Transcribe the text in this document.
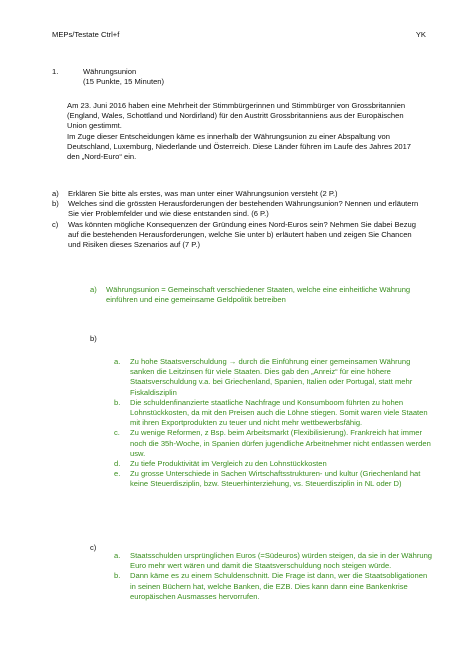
MEPs/Testate Ctrl+f	YK
1.	Währungsunion
(15 Punkte, 15 Minuten)

Am 23. Juni 2016 haben eine Mehrheit der Stimmbürgerinnen und Stimmbürger von Grossbritannien (England, Wales, Schottland und Nordirland) für den Austritt Grossbritanniens aus der Europäischen Union gestimmt.

Im Zuge dieser Entscheidungen käme es innerhalb der Währungsunion zu einer Abspaltung von Deutschland, Luxemburg, Niederlande und Österreich. Diese Länder führen im Laufe des Jahres 2017 den „Nord-Euro“ ein.

a)	Erklären Sie bitte als erstes, was man unter einer Währungsunion versteht (2 P.)
b)	Welches sind die grössten Herausforderungen der bestehenden Währungsunion? Nennen und erläutern Sie vier Problemfelder und wie diese entstanden sind. (6 P.)
c)	Was könnten mögliche Konsequenzen der Gründung eines Nord-Euros sein? Nehmen Sie dabei Bezug auf die bestehenden Herausforderungen, welche Sie unter b) erläutert haben und zeigen Sie Chancen und Risiken dieses Szenarios auf (7 P.)
a)	Währungsunion = Gemeinschaft verschiedener Staaten, welche eine einheitliche Währung einführen und eine gemeinsame Geldpolitik betreiben
b)
a.	Zu hohe Staatsverschuldung → durch die Einführung einer gemeinsamen Währung sanken die Leitzinsen für viele Staaten. Dies gab den „Anreiz“ für eine höhere Staatsverschuldung v.a. bei Griechenland, Spanien, Italien oder Portugal, statt mehr Fiskaldisziplin
b.	Die schuldenfinanzierte staatliche Nachfrage und Konsumboom führten zu hohen Lohnstückkosten, da mit den Preisen auch die Löhne stiegen. Somit waren viele Staaten mit ihren Exportprodukten zu teuer und nicht mehr wettbewerbsfähig.
c.	Zu wenige Reformen, z Bsp. beim Arbeitsmarkt (Flexibilisierung). Frankreich hat immer noch die 35h-Woche, in Spanien dürfen jugendliche Arbeitnehmer nicht entlassen werden usw.
d.	Zu tiefe Produktivität im Vergleich zu den Lohnstückkosten
e.	Zu grosse Unterschiede in Sachen Wirtschaftsstrukturen- und kultur (Griechenland hat keine Steuerdisziplin, bzw. Steuerhinterziehung, vs. Steuerdisziplin in NL oder D)
c)
a.	Staatsschulden ursprünglichen Euros (=Südeuros) würden steigen, da sie in der Währung Euro mehr wert wären und damit die Staatsverschuldung noch steigen würde.
b.	Dann käme es zu einem Schuldenschnitt. Die Frage ist dann, wer die Staatsobligationen in seinen Büchern hat, welche Banken, die EZB. Dies kann dann eine Bankenkrise europäischen Ausmasses hervorrufen.
